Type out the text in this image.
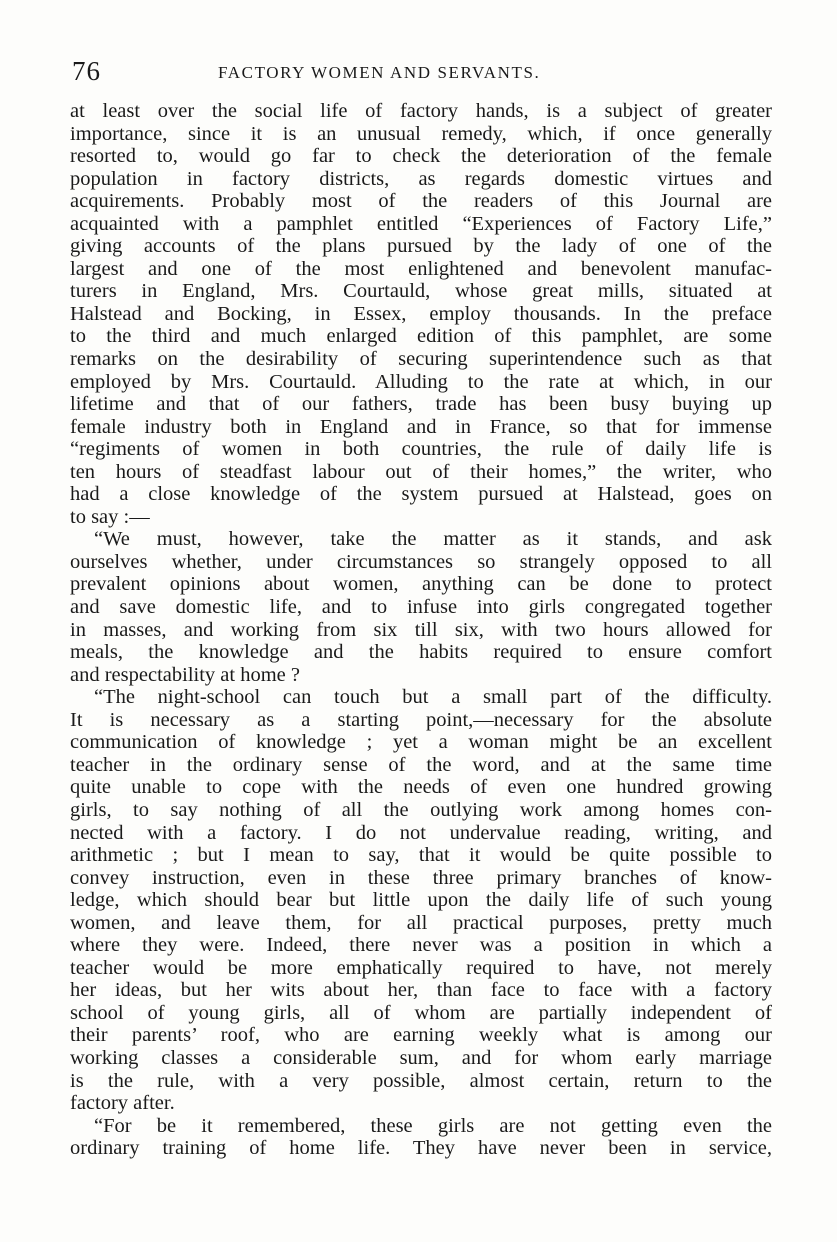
76	FACTORY WOMEN AND SERVANTS.
at least over the social life of factory hands, is a subject of greater
importance, since it is an unusual remedy, which, if once generally
resorted to, would go far to check the deterioration of the female
population in factory districts, as regards domestic virtues and
acquirements. Probably most of the readers of this Journal are
acquainted with a pamphlet entitled “Experiences of Factory Life,”
giving accounts of the plans pursued by the lady of one of the
largest and one of the most enlightened and benevolent manufac-
turers in England, Mrs. Courtauld, whose great mills, situated at
Halstead and Bocking, in Essex, employ thousands. In the preface
to the third and much enlarged edition of this pamphlet, are some
remarks on the desirability of securing superintendence such as that
employed by Mrs. Courtauld. Alluding to the rate at which, in our
lifetime and that of our fathers, trade has been busy buying up
female industry both in England and in France, so that for immense
“regiments of women in both countries, the rule of daily life is
ten hours of steadfast labour out of their homes,” the writer, who
had a close knowledge of the system pursued at Halstead, goes on
to say :—
“We must, however, take the matter as it stands, and ask
ourselves whether, under circumstances so strangely opposed to all
prevalent opinions about women, anything can be done to protect
and save domestic life, and to infuse into girls congregated together
in masses, and working from six till six, with two hours allowed for
meals, the knowledge and the habits required to ensure comfort
and respectability at home ?
“The night-school can touch but a small part of the difficulty.
It is necessary as a starting point,—necessary for the absolute
communication of knowledge ; yet a woman might be an excellent
teacher in the ordinary sense of the word, and at the same time
quite unable to cope with the needs of even one hundred growing
girls, to say nothing of all the outlying work among homes con-
nected with a factory. I do not undervalue reading, writing, and
arithmetic ; but I mean to say, that it would be quite possible to
convey instruction, even in these three primary branches of know-
ledge, which should bear but little upon the daily life of such young
women, and leave them, for all practical purposes, pretty much
where they were. Indeed, there never was a position in which a
teacher would be more emphatically required to have, not merely
her ideas, but her wits about her, than face to face with a factory
school of young girls, all of whom are partially independent of
their parents’ roof, who are earning weekly what is among our
working classes a considerable sum, and for whom early marriage
is the rule, with a very possible, almost certain, return to the
factory after.
“For be it remembered, these girls are not getting even the
ordinary training of home life. They have never been in service,
